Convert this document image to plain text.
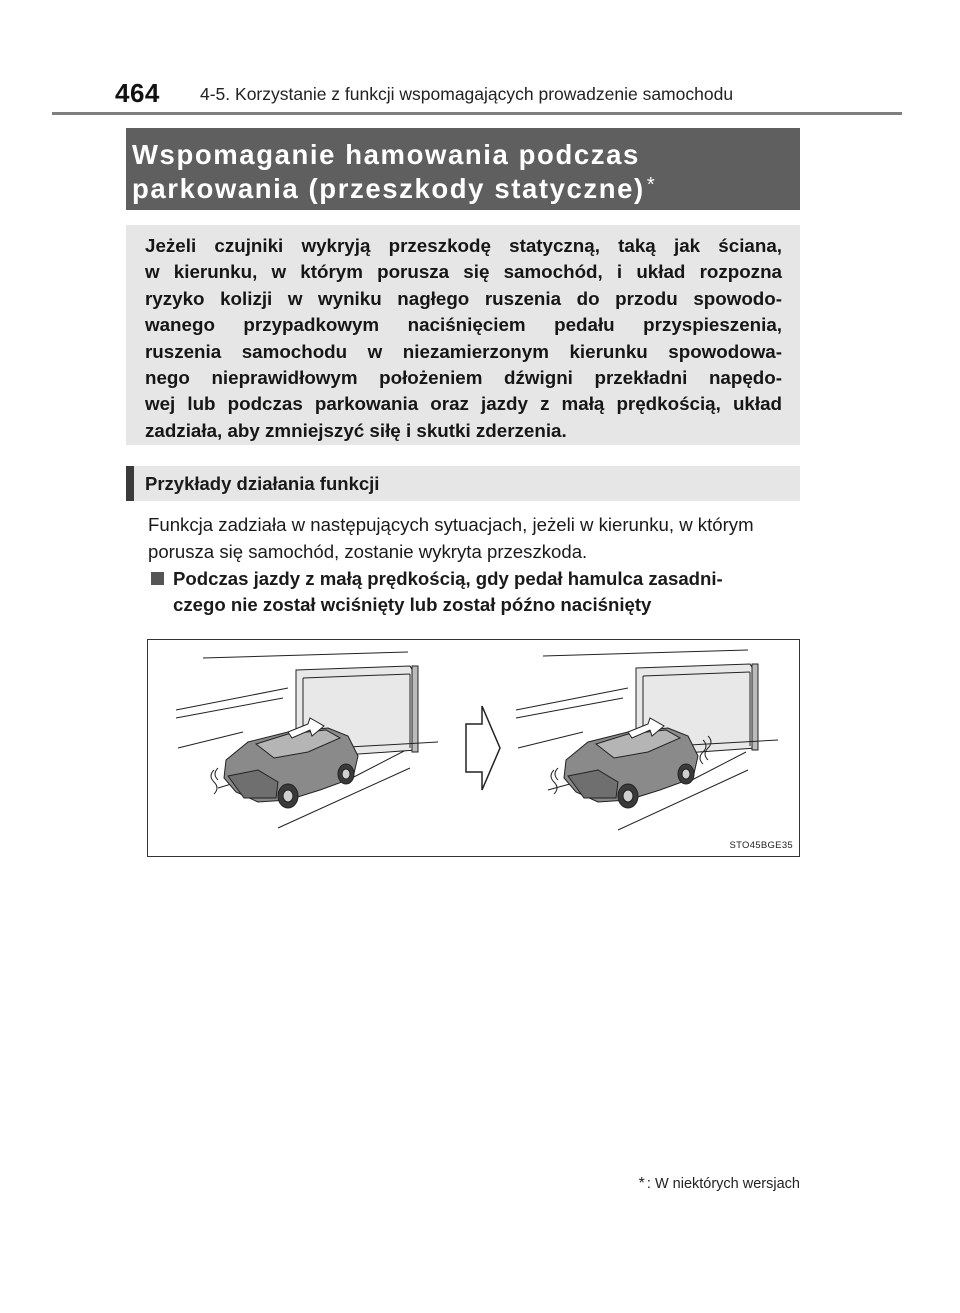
464 4-5. Korzystanie z funkcji wspomagających prowadzenie samochodu
Wspomaganie hamowania podczas
parkowania (przeszkody statyczne) *
Jeżeli czujniki wykryją przeszkodę statyczną, taką jak ściana,
w kierunku, w którym porusza się samochód, i układ rozpozna
ryzyko kolizji w wyniku nagłego ruszenia do przodu spowodo-
wanego przypadkowym naciśnięciem pedału przyspieszenia,
ruszenia samochodu w niezamierzonym kierunku spowodowa-
nego nieprawidłowym położeniem dźwigni przekładni napędo-
wej lub podczas parkowania oraz jazdy z małą prędkością, układ
zadziała, aby zmniejszyć siłę i skutki zderzenia.
Przykłady działania funkcji
Funkcja zadziała w następujących sytuacjach, jeżeli w kierunku, w którym
porusza się samochód, zostanie wykryta przeszkoda.
Podczas jazdy z małą prędkością, gdy pedał hamulca zasadni-
czego nie został wciśnięty lub został późno naciśnięty
STO45BGE35
* : W niektórych wersjach
